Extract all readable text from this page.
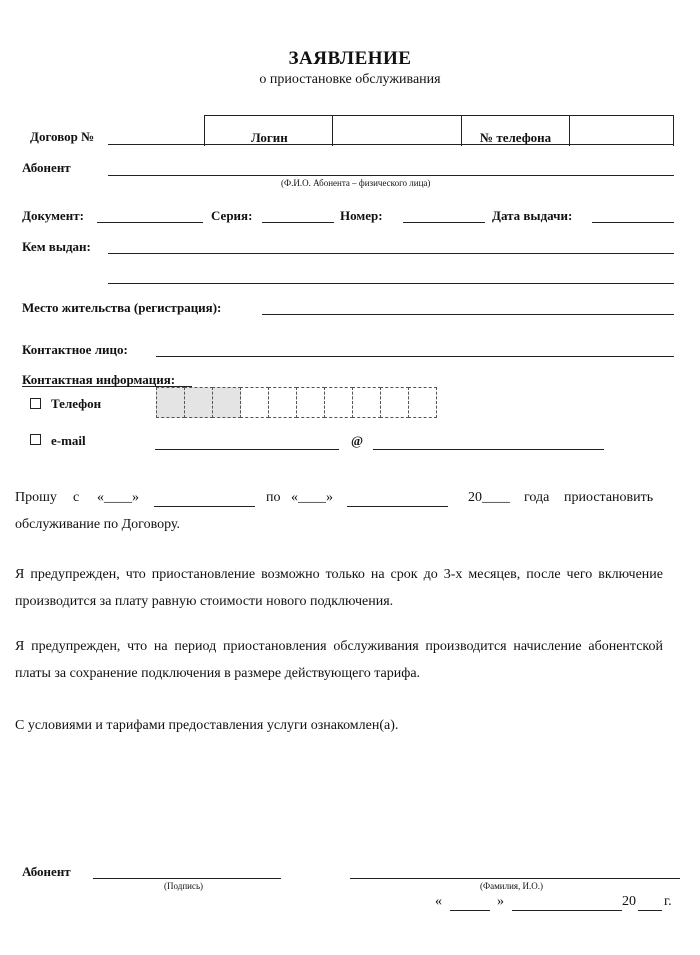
ЗАЯВЛЕНИЕ
о приостановке обслуживания
Договор №	Логин	№ телефона
Абонент
(Ф.И.О. Абонента – физического лица)
Документ:	Серия:	Номер:	Дата выдачи:
Кем выдан:
Место жительства (регистрация):
Контактное лицо:
Контактная информация:
Телефон
e-mail	@
Прошу с «____»	по «____»	20____ года приостановить
обслуживание по Договору.
Я предупрежден, что приостановление возможно только на срок до 3-х месяцев, после чего включение производится за плату равную стоимости нового подключения.
Я предупрежден, что на период приостановления обслуживания производится начисление абонентской платы за сохранение подключения в размере действующего тарифа.
С условиями и тарифами предоставления услуги ознакомлен(а).
Абонент
(Подпись)	(Фамилия, И.О.)
«	»	20 г.
